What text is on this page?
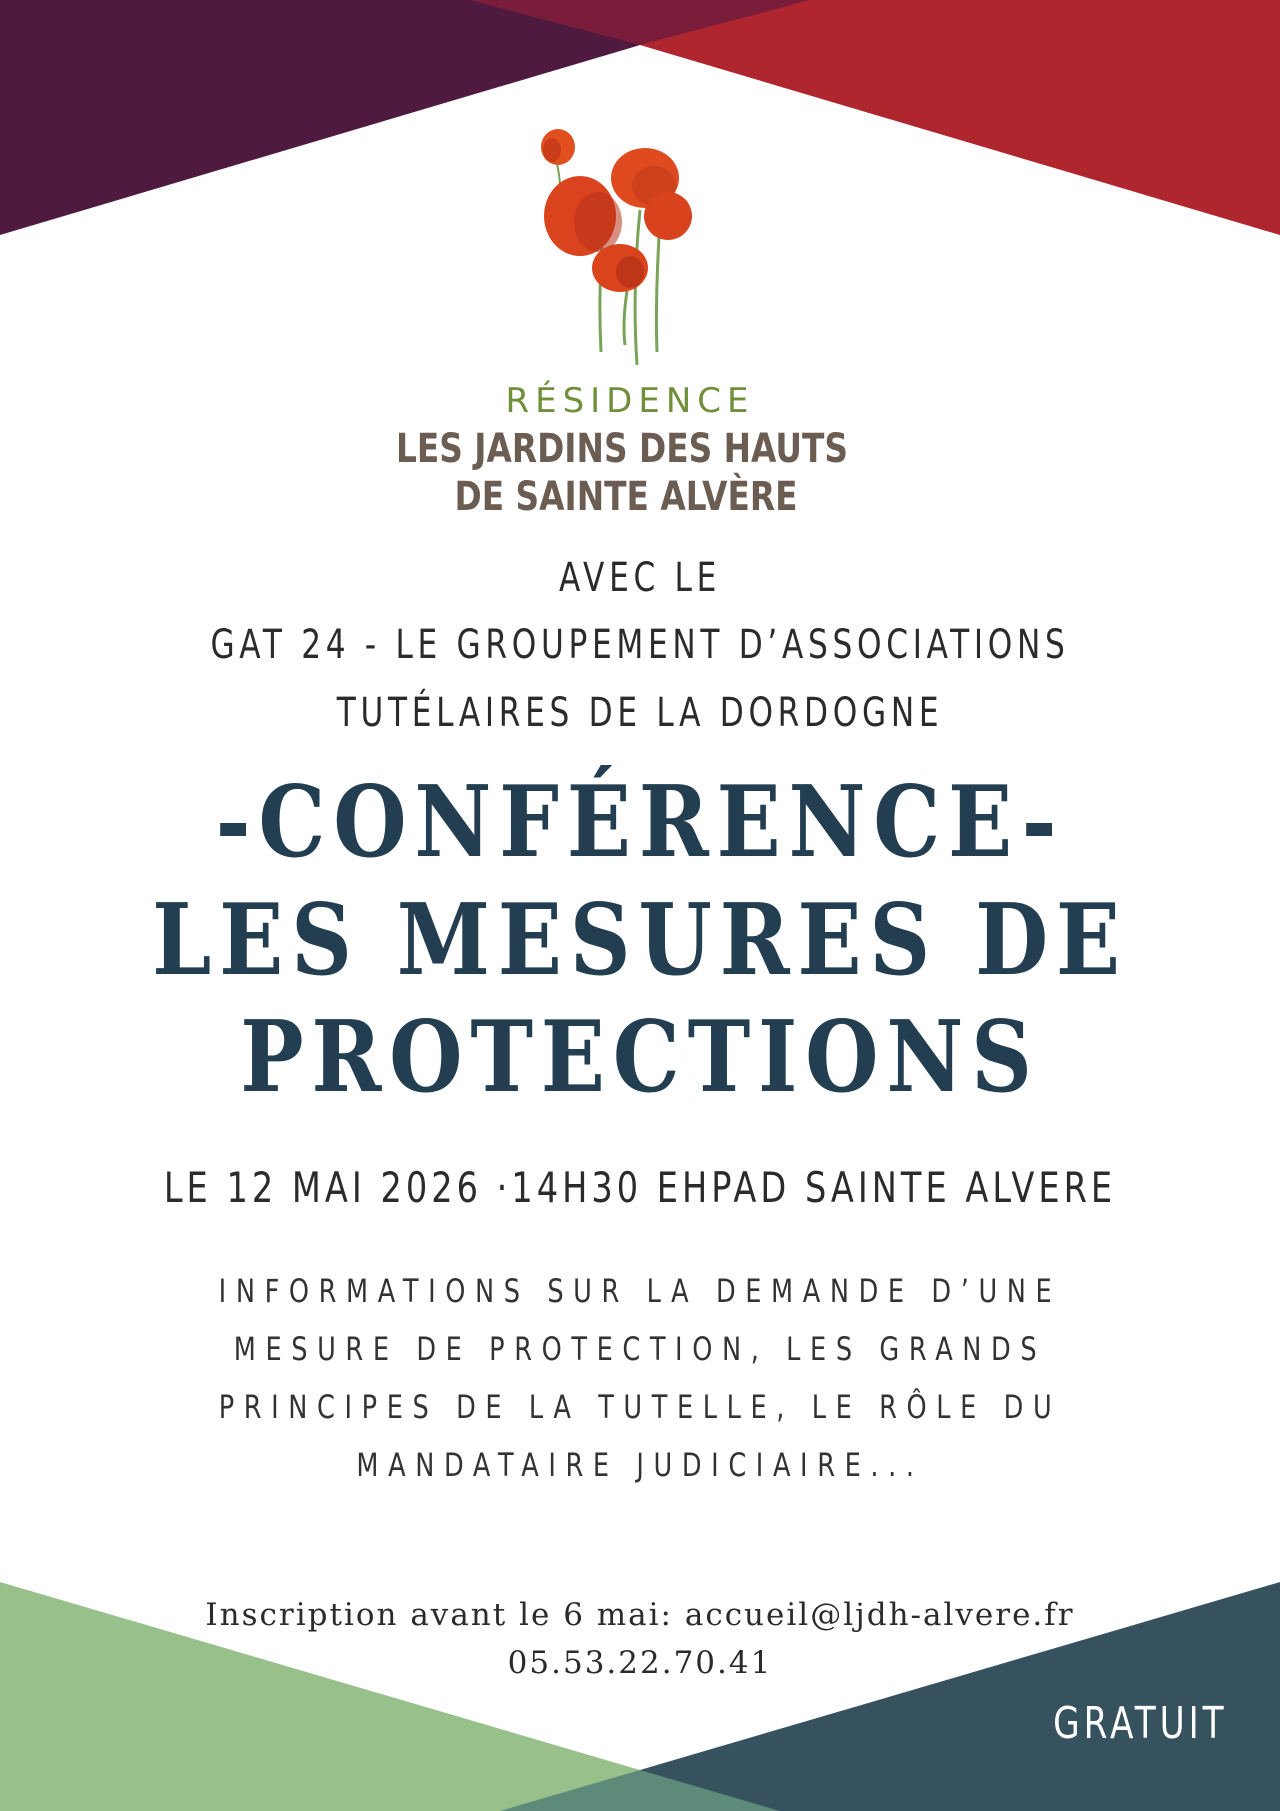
RÉSIDENCE
LES JARDINS DES HAUTS
DE SAINTE ALVÈRE

AVEC LE

GAT 24 - LE GROUPEMENT D’ASSOCIATIONS

TUTÉLAIRES DE LA DORDOGNE

-CONFÉRENCE-

LES MESURES DE

PROTECTIONS

LE 12 MAI 2026 ·14H30 EHPAD SAINTE ALVERE

INFORMATIONS SUR LA DEMANDE D’UNE

MESURE DE PROTECTION, LES GRANDS

PRINCIPES DE LA TUTELLE, LE RÔLE DU

MANDATAIRE JUDICIAIRE...

Inscription avant le 6 mai: accueil@ljdh-alvere.fr

05.53.22.70.41

GRATUIT
